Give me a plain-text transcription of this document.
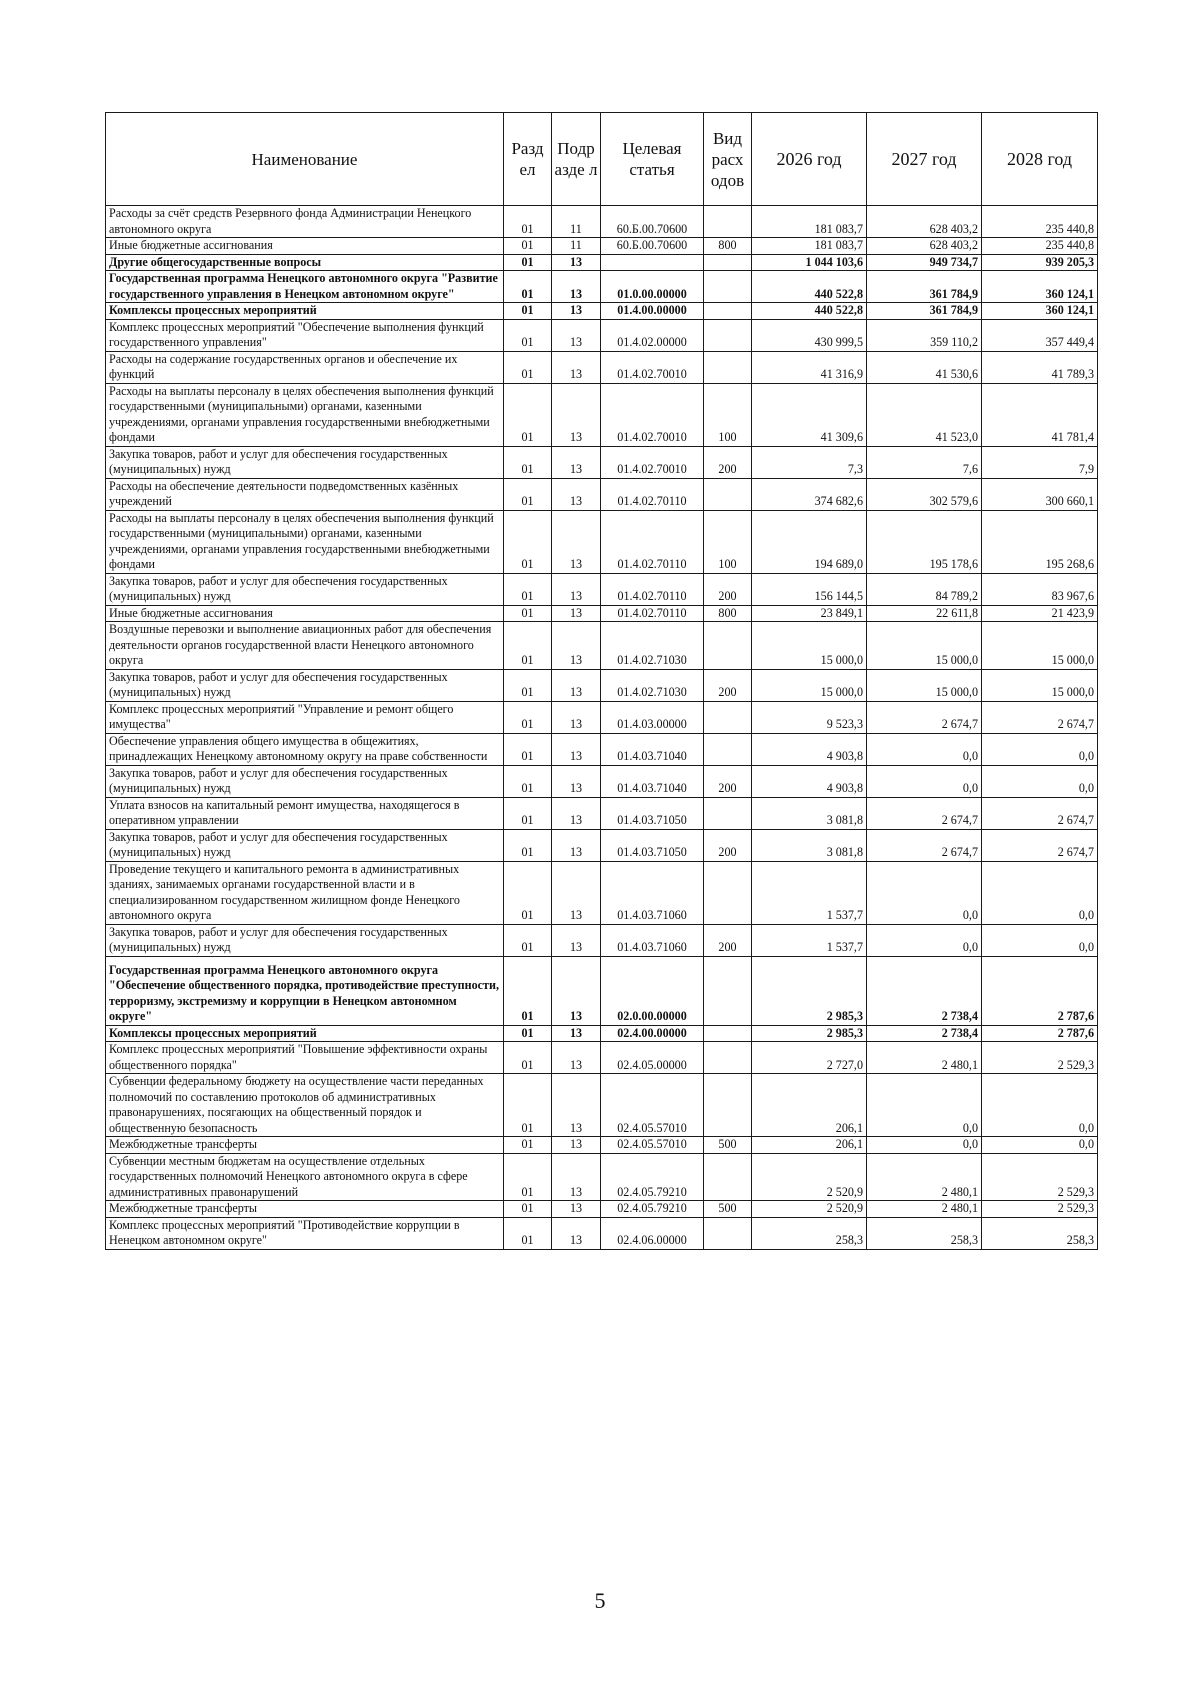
Наименование	Разд ел	Подр азде л	Целевая статья	Вид расх одов	2026 год	2027 год	2028 год
Расходы за счёт средств Резервного фонда Администрации Ненецкого автономного округа	01	11	60.Б.00.70600		181 083,7	628 403,2	235 440,8
Иные бюджетные ассигнования	01	11	60.Б.00.70600	800	181 083,7	628 403,2	235 440,8
Другие общегосударственные вопросы	01	13			1 044 103,6	949 734,7	939 205,3
Государственная программа Ненецкого автономного округа "Развитие государственного управления в Ненецком автономном округе"	01	13	01.0.00.00000		440 522,8	361 784,9	360 124,1
Комплексы процессных мероприятий	01	13	01.4.00.00000		440 522,8	361 784,9	360 124,1
Комплекс процессных мероприятий "Обеспечение выполнения функций государственного управления"	01	13	01.4.02.00000		430 999,5	359 110,2	357 449,4
Расходы на содержание государственных органов и обеспечение их функций	01	13	01.4.02.70010		41 316,9	41 530,6	41 789,3
Расходы на выплаты персоналу в целях обеспечения выполнения функций государственными (муниципальными) органами, казенными учреждениями, органами управления государственными внебюджетными фондами	01	13	01.4.02.70010	100	41 309,6	41 523,0	41 781,4
Закупка товаров, работ и услуг для обеспечения государственных (муниципальных) нужд	01	13	01.4.02.70010	200	7,3	7,6	7,9
Расходы на обеспечение деятельности подведомственных казённых учреждений	01	13	01.4.02.70110		374 682,6	302 579,6	300 660,1
Расходы на выплаты персоналу в целях обеспечения выполнения функций государственными (муниципальными) органами, казенными учреждениями, органами управления государственными внебюджетными фондами	01	13	01.4.02.70110	100	194 689,0	195 178,6	195 268,6
Закупка товаров, работ и услуг для обеспечения государственных (муниципальных) нужд	01	13	01.4.02.70110	200	156 144,5	84 789,2	83 967,6
Иные бюджетные ассигнования	01	13	01.4.02.70110	800	23 849,1	22 611,8	21 423,9
Воздушные перевозки и выполнение авиационных работ для обеспечения деятельности органов государственной власти Ненецкого автономного округа	01	13	01.4.02.71030		15 000,0	15 000,0	15 000,0
Закупка товаров, работ и услуг для обеспечения государственных (муниципальных) нужд	01	13	01.4.02.71030	200	15 000,0	15 000,0	15 000,0
Комплекс процессных мероприятий "Управление и ремонт общего имущества"	01	13	01.4.03.00000		9 523,3	2 674,7	2 674,7
Обеспечение управления общего имущества в общежитиях, принадлежащих Ненецкому автономному округу на праве собственности	01	13	01.4.03.71040		4 903,8	0,0	0,0
Закупка товаров, работ и услуг для обеспечения государственных (муниципальных) нужд	01	13	01.4.03.71040	200	4 903,8	0,0	0,0
Уплата взносов на капитальный ремонт имущества, находящегося в оперативном управлении	01	13	01.4.03.71050		3 081,8	2 674,7	2 674,7
Закупка товаров, работ и услуг для обеспечения государственных (муниципальных) нужд	01	13	01.4.03.71050	200	3 081,8	2 674,7	2 674,7
Проведение текущего и капитального ремонта в административных зданиях, занимаемых органами государственной власти и в специализированном государственном жилищном фонде Ненецкого автономного округа	01	13	01.4.03.71060		1 537,7	0,0	0,0
Закупка товаров, работ и услуг для обеспечения государственных (муниципальных) нужд	01	13	01.4.03.71060	200	1 537,7	0,0	0,0
Государственная программа Ненецкого автономного округа "Обеспечение общественного порядка, противодействие преступности, терроризму, экстремизму и коррупции в Ненецком автономном округе"	01	13	02.0.00.00000		2 985,3	2 738,4	2 787,6
Комплексы процессных мероприятий	01	13	02.4.00.00000		2 985,3	2 738,4	2 787,6
Комплекс процессных мероприятий "Повышение эффективности охраны общественного порядка"	01	13	02.4.05.00000		2 727,0	2 480,1	2 529,3
Субвенции федеральному бюджету на осуществление части переданных полномочий по составлению протоколов об административных правонарушениях, посягающих на общественный порядок и общественную безопасность	01	13	02.4.05.57010		206,1	0,0	0,0
Межбюджетные трансферты	01	13	02.4.05.57010	500	206,1	0,0	0,0
Субвенции местным бюджетам на осуществление отдельных государственных полномочий Ненецкого автономного округа в сфере административных правонарушений	01	13	02.4.05.79210		2 520,9	2 480,1	2 529,3
Межбюджетные трансферты	01	13	02.4.05.79210	500	2 520,9	2 480,1	2 529,3
Комплекс процессных мероприятий "Противодействие коррупции в Ненецком автономном округе"	01	13	02.4.06.00000		258,3	258,3	258,3
5
